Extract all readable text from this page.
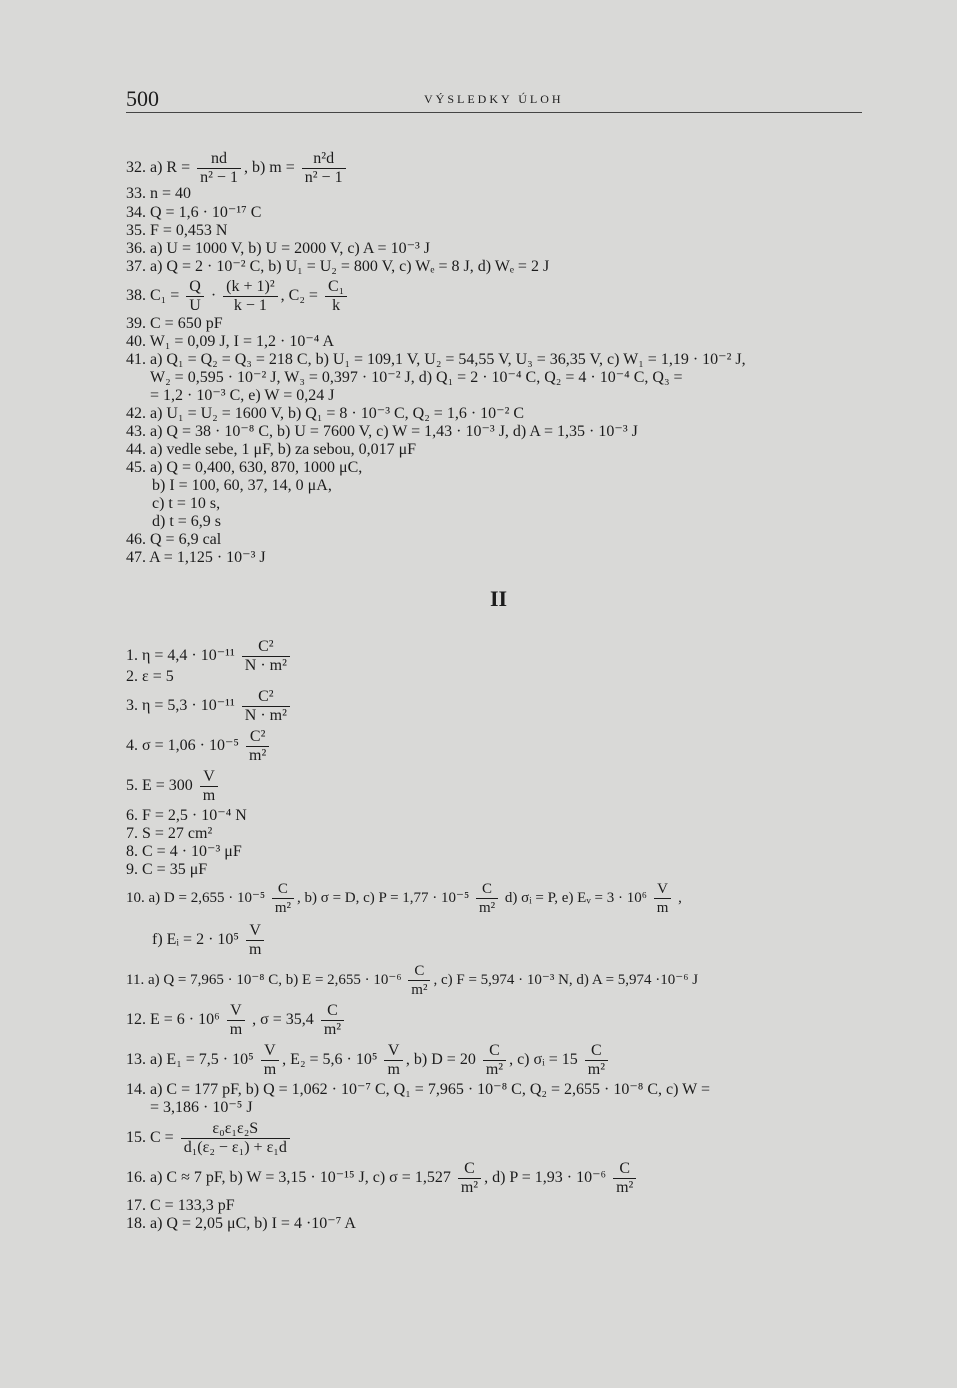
500	VÝSLEDKY ÚLOH
32. a) $R = \frac{nd}{\text{n² − 1}}$ , b) $m = \frac{\text{n²d}}{\text{n² − 1}}$
33. n = 40
34. Q = 1,6 · 10⁻¹⁷ C
35. F = 0,453 N
36. a) U = 1000 V, b) U = 2000 V, c) A = 10⁻³ J
37. a) Q = 2 · 10⁻² C, b) U₁ = U₂ = 800 V, c) Wₑ = 8 J, d) Wₑ = 2 J
38. $C_1 = \frac{Q}{U} \cdot \frac{\text{(k + 1)²}}{k - 1}$ , $C_2 = \frac{\text{C₁}}{k}$
39. C = 650 pF
40. W₁ = 0,09 J, I = 1,2 · 10⁻⁴ A
41. a) Q₁ = Q₂ = Q₃ = 218 C, b) U₁ = 109,1 V, U₂ = 54,55 V, U₃ = 36,35 V, c) W₁ = 1,19 · 10⁻² J,
W₂ = 0,595 · 10⁻² J, W₃ = 0,397 · 10⁻² J, d) Q₁ = 2 · 10⁻⁴ C, Q₂ = 4 · 10⁻⁴ C, Q₃ =
= 1,2 · 10⁻³ C, e) W = 0,24 J
42. a) U₁ = U₂ = 1600 V, b) Q₁ = 8 · 10⁻³ C, Q₂ = 1,6 · 10⁻² C
43. a) Q = 38 · 10⁻⁸ C, b) U = 7600 V, c) W = 1,43 · 10⁻³ J, d) A = 1,35 · 10⁻³ J
44. a) vedle sebe, 1 μF, b) za sebou, 0,017 μF
45. a) Q = 0,400, 630, 870, 1000 μC,
b) I = 100, 60, 37, 14, 0 μA,
c) t = 10 s,
d) t = 6,9 s
46. Q = 6,9 cal
47. A = 1,125 · 10⁻³ J
II
1. $\eta = 4,4 \cdot 10^{-11} \frac{\text{C²}}{\text{N · m²}}$
2. ε = 5
3. $\eta = 5,3 \cdot 10^{-11} \frac{\text{C²}}{\text{N · m²}}$
4. $\sigma = 1,06 \cdot 10^{-5} \frac{\text{C²}}{\text{m²}}$
5. $E = 300 \frac{V}{m}$
6. F = 2,5 · 10⁻⁴ N
7. S = 27 cm²
8. C = 4 · 10⁻³ μF
9. C = 35 μF
10. a) $D = 2,655 \cdot 10^{-5} \frac{C}{\text{m²}}$ , b) σ = D, c) $P = 1,77 \cdot 10^{-5} \frac{C}{\text{m²}} d$) σᵢ = P, e) Eᵥ = $3 \cdot 10^6 \frac{V}{m}$ ,
f) Eᵢ = $2 \cdot 10^5 \frac{V}{m}$
11. a) Q = 7,965 · 10⁻⁸ C, b) $E = 2,655 \cdot 10^{-6} \frac{C}{\text{m²}}$ , c) F = 5,974 · 10⁻³ N, d) A = 5,974 ·10⁻⁶ J
12. $E = 6 \cdot 10^6 \frac{V}{m}$ , $\sigma = 35,4 \frac{C}{\text{m²}}$
13. a) $E_1 = 7,5 \cdot 10^5 \frac{V}{m}$ , $E_2 = 5,6 \cdot 10^5 \frac{V}{m}$ , b) $D = 20 \frac{C}{\text{m²}}$ , c) σᵢ = $15 \frac{C}{\text{m²}}$
14. a) C = 177 pF, b) Q = 1,062 · 10⁻⁷ C, Q₁ = 7,965 · 10⁻⁸ C, Q₂ = 2,655 · 10⁻⁸ C, c) W =
= 3,186 · 10⁻⁵ J
15. $C = \frac{\text{ε₀ε₁ε₂S}}{\text{d₁(ε₂ − ε₁) + ε₁d}}$
16. a) C ≈ 7 pF, b) W = 3,15 · 10⁻¹⁵ J, c) $\sigma = 1,527 \frac{C}{\text{m²}}$ , d) $P = 1,93 \cdot 10^{-6} \frac{C}{\text{m²}}$
17. C = 133,3 pF
18. a) Q = 2,05 μC, b) I = 4 ·10⁻⁷ A
